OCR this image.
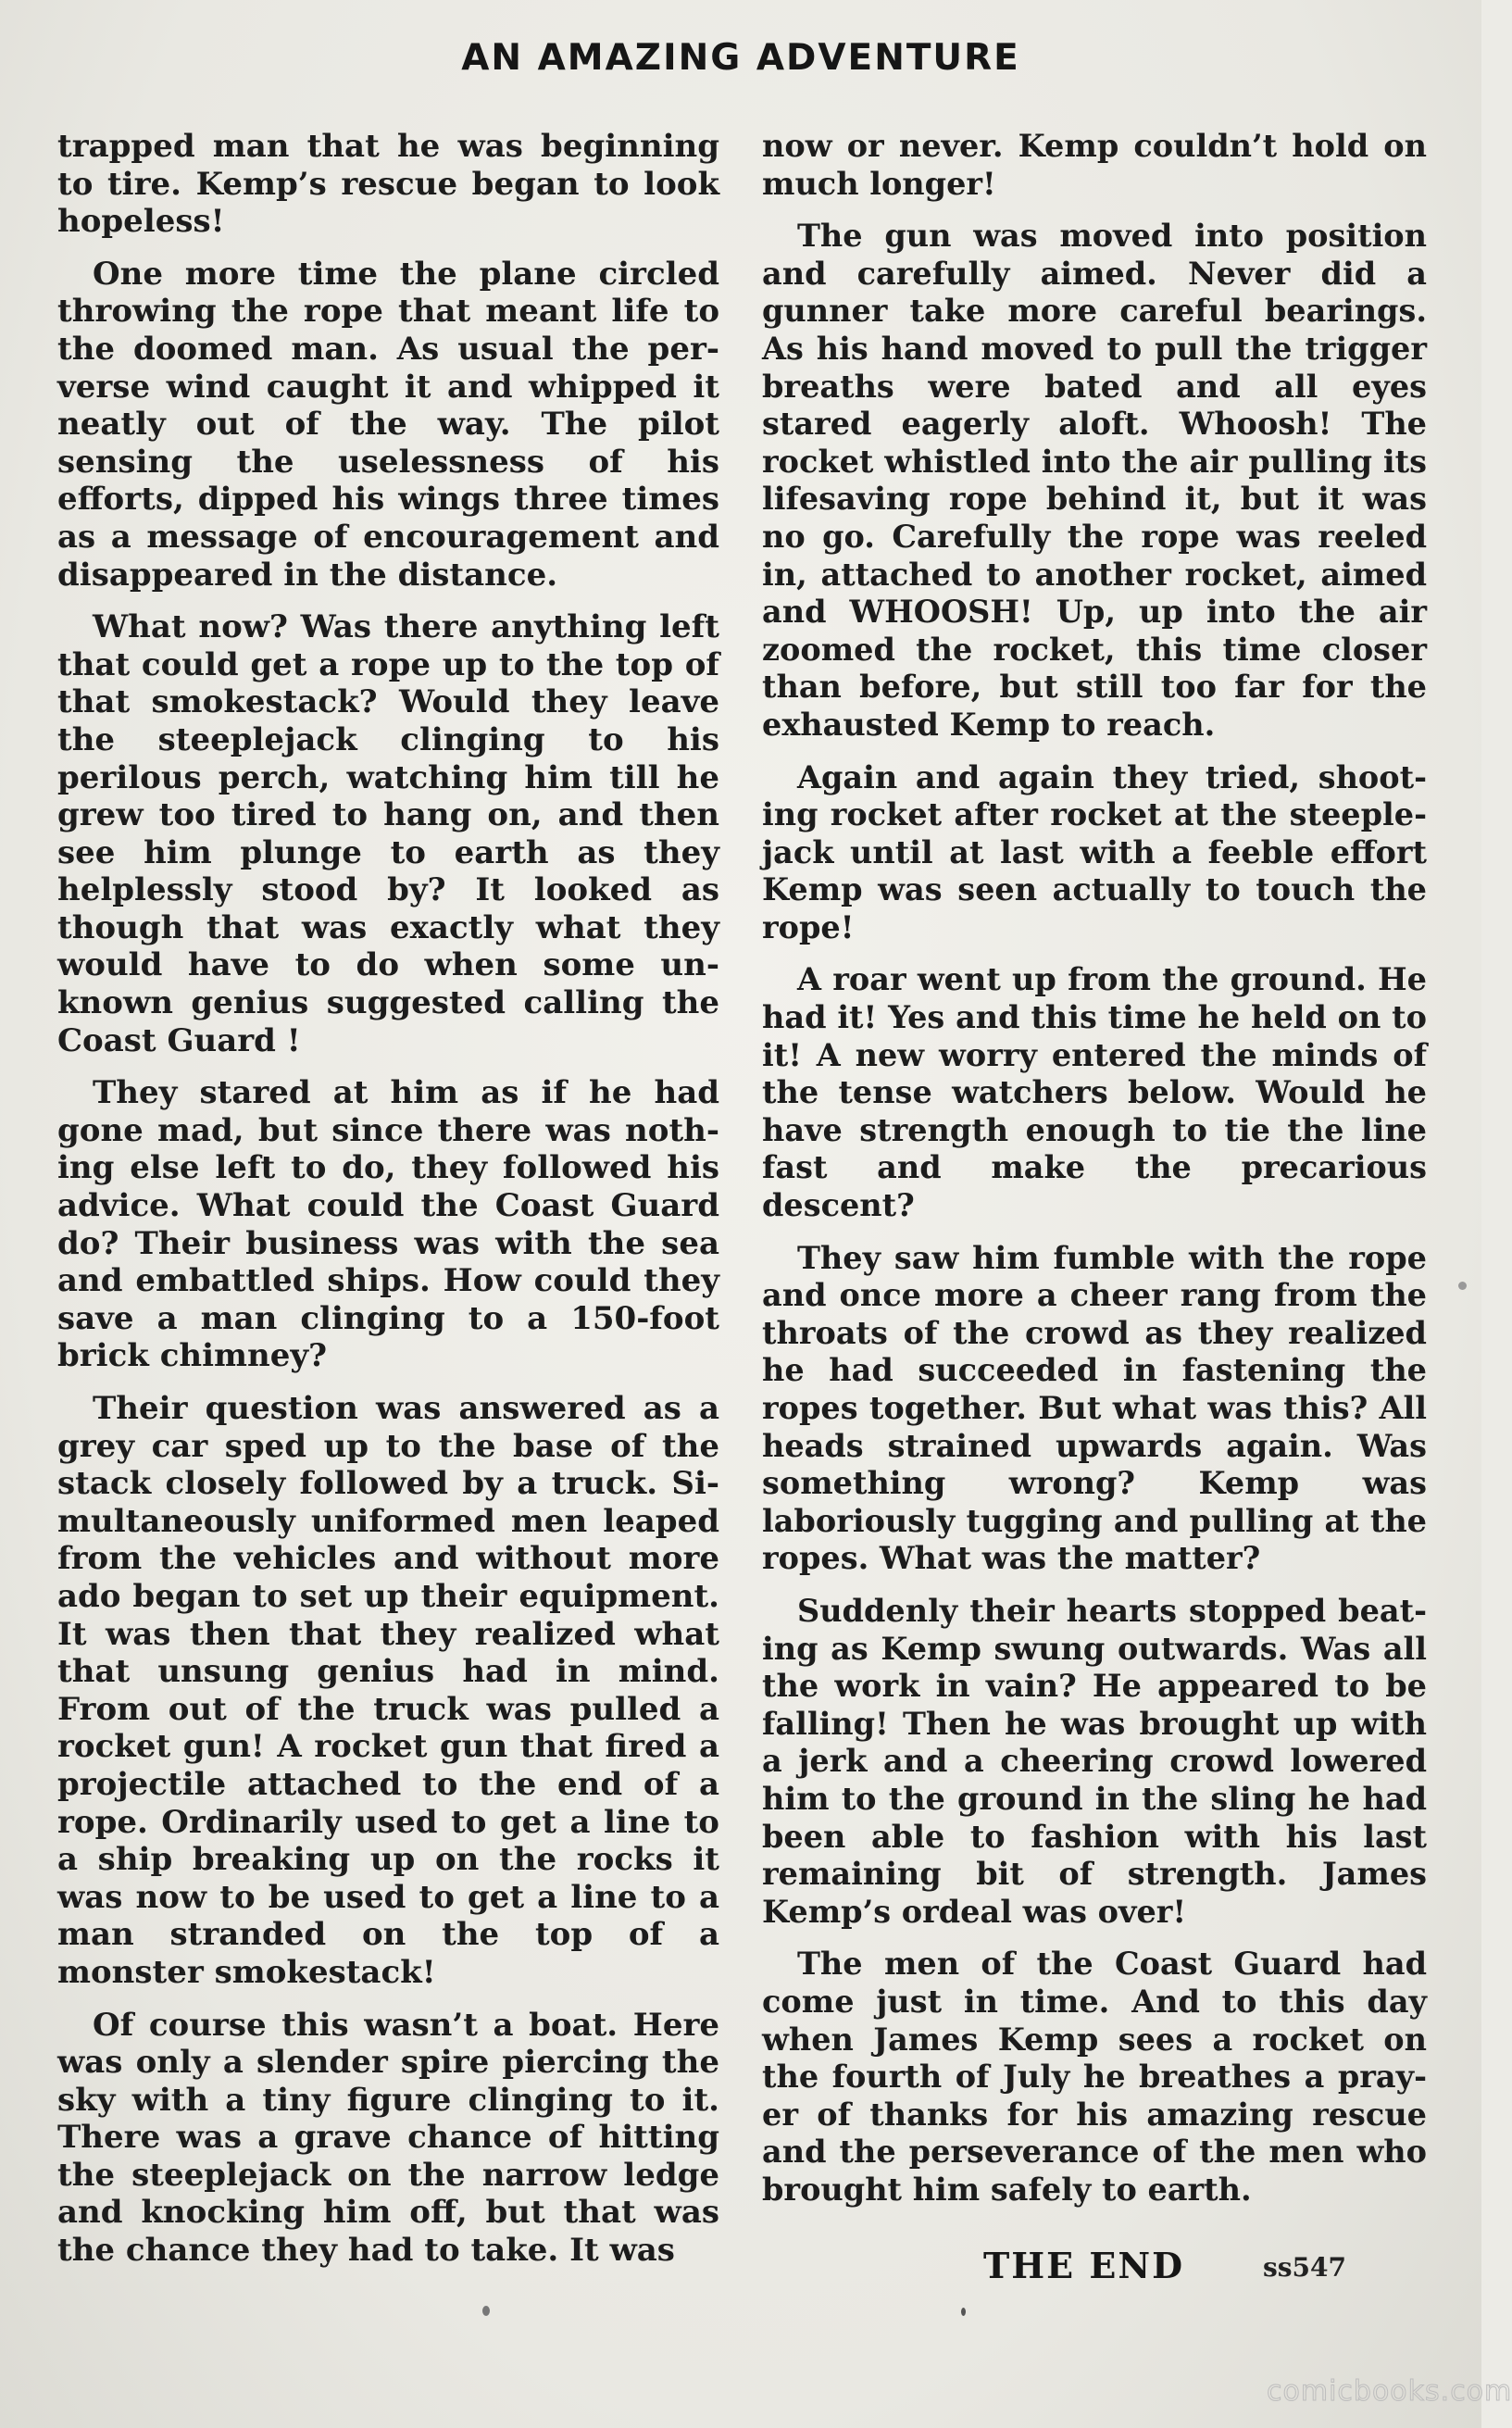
AN AMAZING ADVENTURE

trapped man that he was beginning to tire. Kemp’s rescue began to look hopeless!

One more time the plane circled throwing the rope that meant life to the doomed man. As usual the perverse wind caught it and whipped it neatly out of the way. The pilot sensing the uselessness of his efforts, dipped his wings three times as a message of encouragement and disappeared in the distance.

What now? Was there anything left that could get a rope up to the top of that smokestack? Would they leave the steeplejack clinging to his perilous perch, watching him till he grew too tired to hang on, and then see him plunge to earth as they helplessly stood by? It looked as though that was exactly what they would have to do when some unknown genius suggested calling the Coast Guard !

They stared at him as if he had gone mad, but since there was nothing else left to do, they followed his advice. What could the Coast Guard do? Their business was with the sea and embattled ships. How could they save a man clinging to a 150-foot brick chimney?

Their question was answered as a grey car sped up to the base of the stack closely followed by a truck. Simultaneously uniformed men leaped from the vehicles and without more ado began to set up their equipment. It was then that they realized what that unsung genius had in mind. From out of the truck was pulled a rocket gun! A rocket gun that fired a projectile attached to the end of a rope. Ordinarily used to get a line to a ship breaking up on the rocks it was now to be used to get a line to a man stranded on the top of a monster smokestack!

Of course this wasn’t a boat. Here was only a slender spire piercing the sky with a tiny figure clinging to it. There was a grave chance of hitting the steeplejack on the narrow ledge and knocking him off, but that was the chance they had to take. It was

now or never. Kemp couldn’t hold on much longer!

The gun was moved into position and carefully aimed. Never did a gunner take more careful bearings. As his hand moved to pull the trigger breaths were bated and all eyes stared eagerly aloft. Whoosh! The rocket whistled into the air pulling its lifesaving rope behind it, but it was no go. Carefully the rope was reeled in, attached to another rocket, aimed and WHOOSH! Up, up into the air zoomed the rocket, this time closer than before, but still too far for the exhausted Kemp to reach.

Again and again they tried, shooting rocket after rocket at the steeplejack until at last with a feeble effort Kemp was seen actually to touch the rope!

A roar went up from the ground. He had it! Yes and this time he held on to it! A new worry entered the minds of the tense watchers below. Would he have strength enough to tie the line fast and make the precarious descent?

They saw him fumble with the rope and once more a cheer rang from the throats of the crowd as they realized he had succeeded in fastening the ropes together. But what was this? All heads strained upwards again. Was something wrong? Kemp was laboriously tugging and pulling at the ropes. What was the matter?

Suddenly their hearts stopped beating as Kemp swung outwards. Was all the work in vain? He appeared to be falling! Then he was brought up with a jerk and a cheering crowd lowered him to the ground in the sling he had been able to fashion with his last remaining bit of strength. James Kemp’s ordeal was over!

The men of the Coast Guard had come just in time. And to this day when James Kemp sees a rocket on the fourth of July he breathes a prayer of thanks for his amazing rescue and the perseverance of the men who brought him safely to earth.

THE END	ss547
comicbooks.com
